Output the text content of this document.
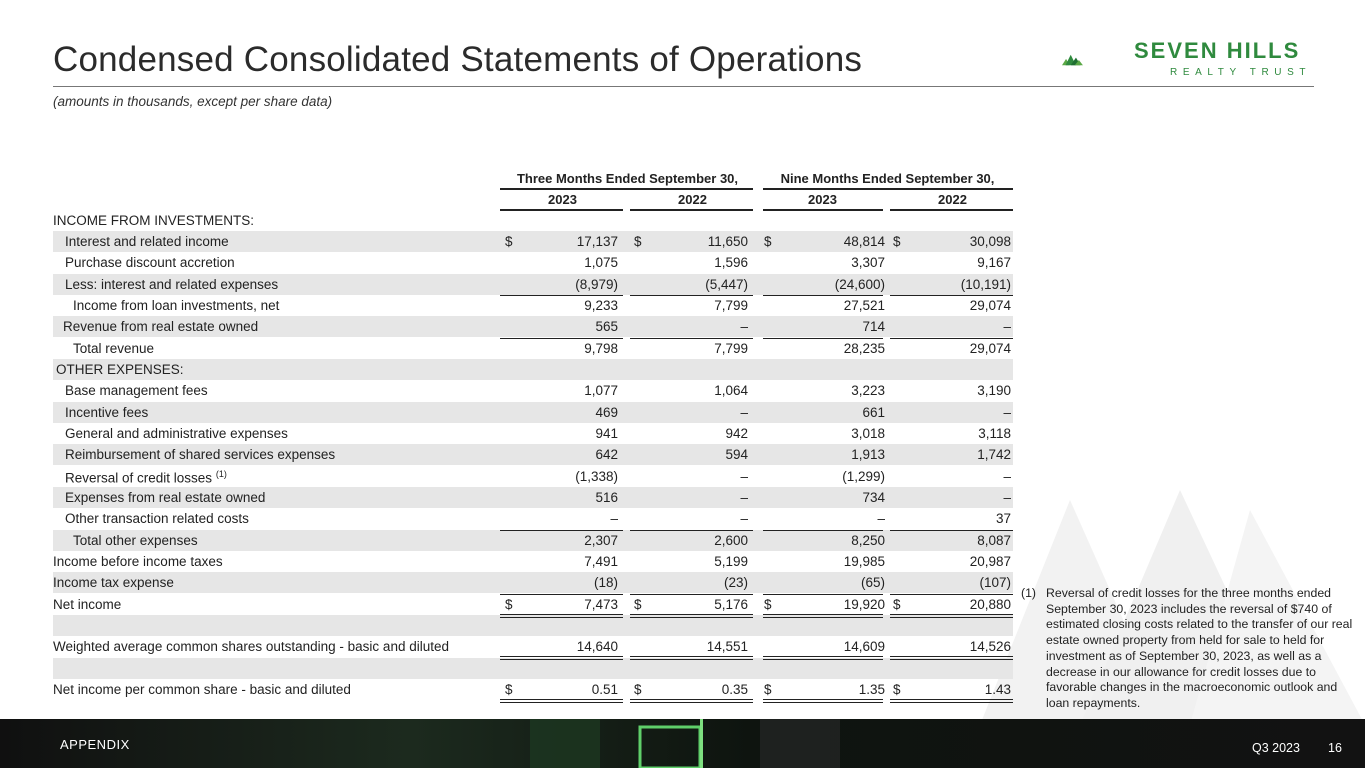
Condensed Consolidated Statements of Operations
(amounts in thousands, except per share data)
SEVEN HILLS
REALTY TRUST
Three Months Ended September 30,	Nine Months Ended September 30,
2023	2022	2023	2022
INCOME FROM INVESTMENTS:
Interest and related income	$	17,137 $	11,650 $	48,814 $	30,098
Purchase discount accretion	1,075	1,596	3,307	9,167
Less: interest and related expenses	(8,979)	(5,447)	(24,600)	(10,191)
Income from loan investments, net	9,233	7,799	27,521	29,074
Revenue from real estate owned	565	–	714	–
Total revenue	9,798	7,799	28,235	29,074
OTHER EXPENSES:
Base management fees	1,077	1,064	3,223	3,190
Incentive fees	469	–	661	–
General and administrative expenses	941	942	3,018	3,118
Reimbursement of shared services expenses	642	594	1,913	1,742
Reversal of credit losses $^{(1)}$	(1,338)	–	(1,299)	–
Expenses from real estate owned	516	–	734	–
Other transaction related costs	–	–	–	37
Total other expenses	2,307	2,600	8,250	8,087
Income before income taxes	7,491	5,199	19,985	20,987
Income tax expense	(18)	(23)	(65)	(107)
Net income	$	7,473 $	5,176 $	19,920 $	20,880
Weighted average common shares outstanding - basic and diluted	14,640	14,551	14,609	14,526
Net income per common share - basic and diluted	$	0.51 $	0.35 $	1.35 $	1.43
(1) Reversal of credit losses for the three months ended September 30, 2023 includes the reversal of $740 of estimated closing costs related to the transfer of our real estate owned property from held for sale to held for investment as of September 30, 2023, as well as a decrease in our allowance for credit losses due to favorable changes in the macroeconomic outlook and loan repayments.
APPENDIX	Q3 2023 16
